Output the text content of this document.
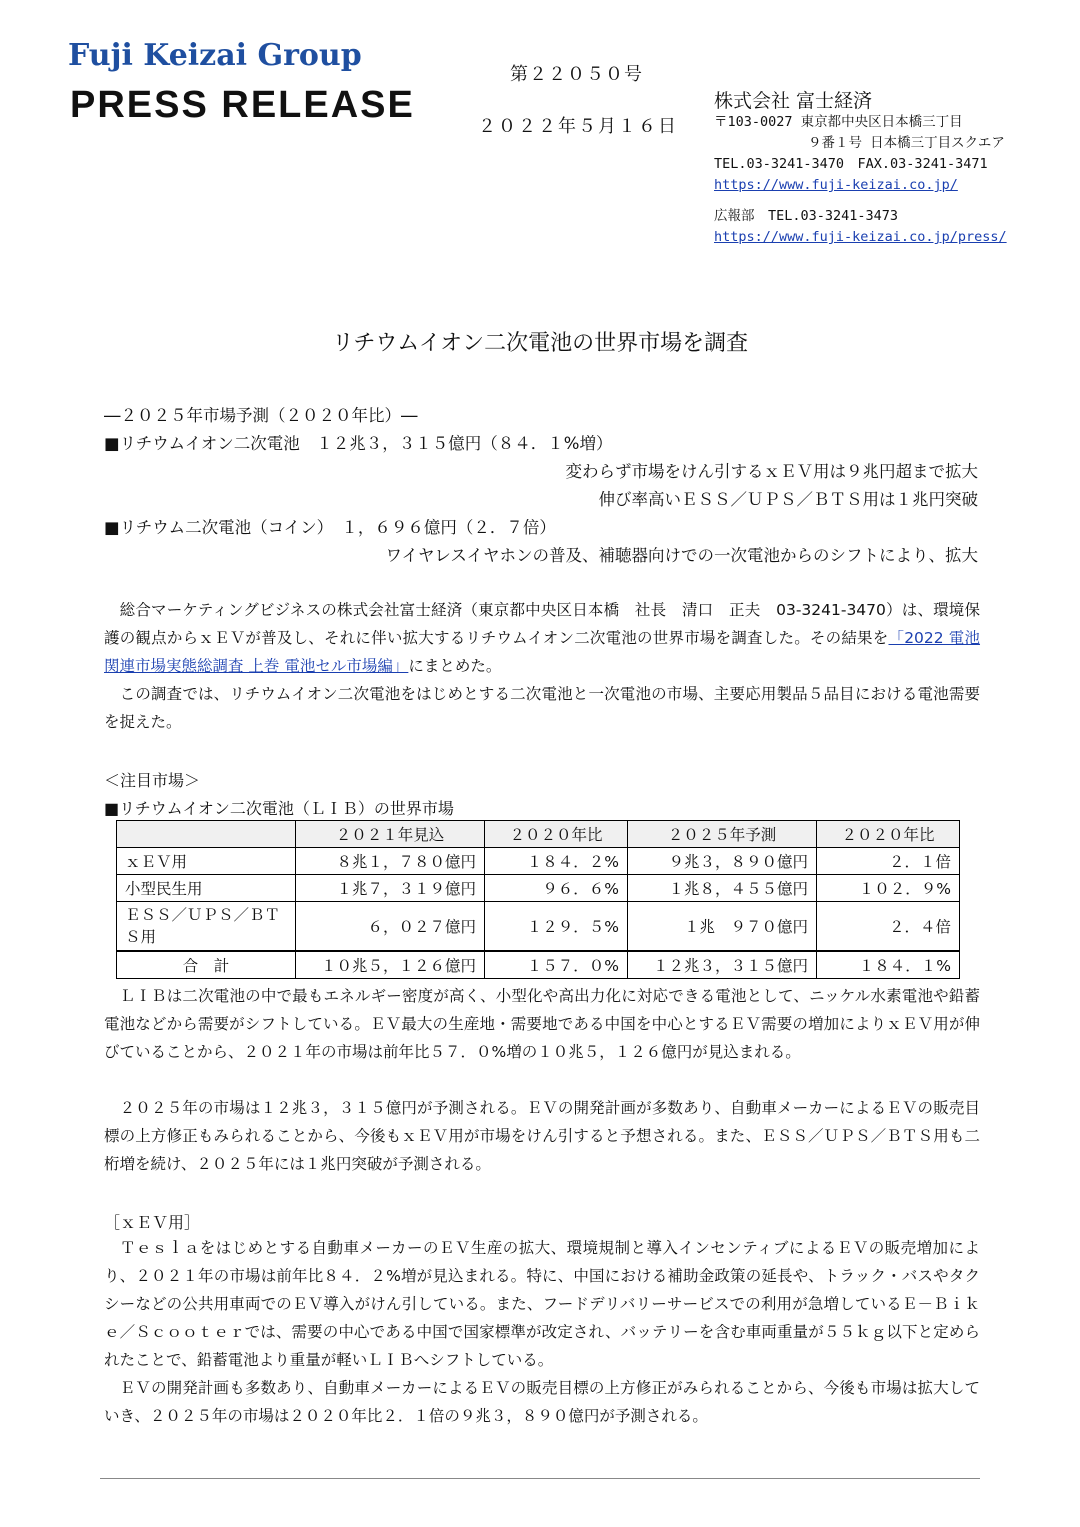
Fuji Keizai Group
PRESS RELEASE
第２２０５０号
２０２２年５月１６日
株式会社 富士経済
〒103-0027 東京都中央区日本橋三丁目
９番１号 日本橋三丁目スクエア
TEL.03-3241-3470　FAX.03-3241-3471
https://www.fuji-keizai.co.jp/
広報部　TEL.03-3241-3473
https://www.fuji-keizai.co.jp/press/
リチウムイオン二次電池の世界市場を調査
―２０２５年市場予測（２０２０年比）―
■リチウムイオン二次電池　１２兆３，３１５億円（８４．１%増）
変わらず市場をけん引するｘＥＶ用は９兆円超まで拡大
伸び率高いＥＳＳ／ＵＰＳ／ＢＴＳ用は１兆円突破
■リチウム二次電池（コイン）　１，６９６億円（２．７倍）
ワイヤレスイヤホンの普及、補聴器向けでの一次電池からのシフトにより、拡大
　総合マーケティングビジネスの株式会社富士経済（東京都中央区日本橋　社長　清口　正夫　03-3241-3470）は、環境保護の観点からｘＥＶが普及し、それに伴い拡大するリチウムイオン二次電池の世界市場を調査した。その結果を「2022 電池関連市場実態総調査 上巻 電池セル市場編」にまとめた。
　この調査では、リチウムイオン二次電池をはじめとする二次電池と一次電池の市場、主要応用製品５品目における電池需要を捉えた。
＜注目市場＞
■リチウムイオン二次電池（ＬＩＢ）の世界市場
	２０２１年見込	２０２０年比	２０２５年予測	２０２０年比
ｘＥＶ用	８兆１，７８０億円	１８４．２%	９兆３，８９０億円	２．１倍
小型民生用	１兆７，３１９億円	９６．６%	１兆８，４５５億円	１０２．９%
ＥＳＳ／ＵＰＳ／ＢＴＳ用	６，０２７億円	１２９．５%	１兆　９７０億円	２．４倍
合　計	１０兆５，１２６億円	１５７．０%	１２兆３，３１５億円	１８４．１%
　ＬＩＢは二次電池の中で最もエネルギー密度が高く、小型化や高出力化に対応できる電池として、ニッケル水素電池や鉛蓄電池などから需要がシフトしている。ＥＶ最大の生産地・需要地である中国を中心とするＥＶ需要の増加によりｘＥＶ用が伸びていることから、２０２１年の市場は前年比５７．０%増の１０兆５，１２６億円が見込まれる。
　２０２５年の市場は１２兆３，３１５億円が予測される。ＥＶの開発計画が多数あり、自動車メーカーによるＥＶの販売目標の上方修正もみられることから、今後もｘＥＶ用が市場をけん引すると予想される。また、ＥＳＳ／ＵＰＳ／ＢＴＳ用も二桁増を続け、２０２５年には１兆円突破が予測される。
［ｘＥＶ用］
　Ｔｅｓｌａをはじめとする自動車メーカーのＥＶ生産の拡大、環境規制と導入インセンティブによるＥＶの販売増加により、２０２１年の市場は前年比８４．２%増が見込まれる。特に、中国における補助金政策の延長や、トラック・バスやタクシーなどの公共用車両でのＥＶ導入がけん引している。また、フードデリバリーサービスでの利用が急増しているＥ－Ｂｉｋｅ／Ｓｃｏｏｔｅｒでは、需要の中心である中国で国家標準が改定され、バッテリーを含む車両重量が５５ｋｇ以下と定められたことで、鉛蓄電池より重量が軽いＬＩＢへシフトしている。
　ＥＶの開発計画も多数あり、自動車メーカーによるＥＶの販売目標の上方修正がみられることから、今後も市場は拡大していき、２０２５年の市場は２０２０年比２．１倍の９兆３，８９０億円が予測される。
